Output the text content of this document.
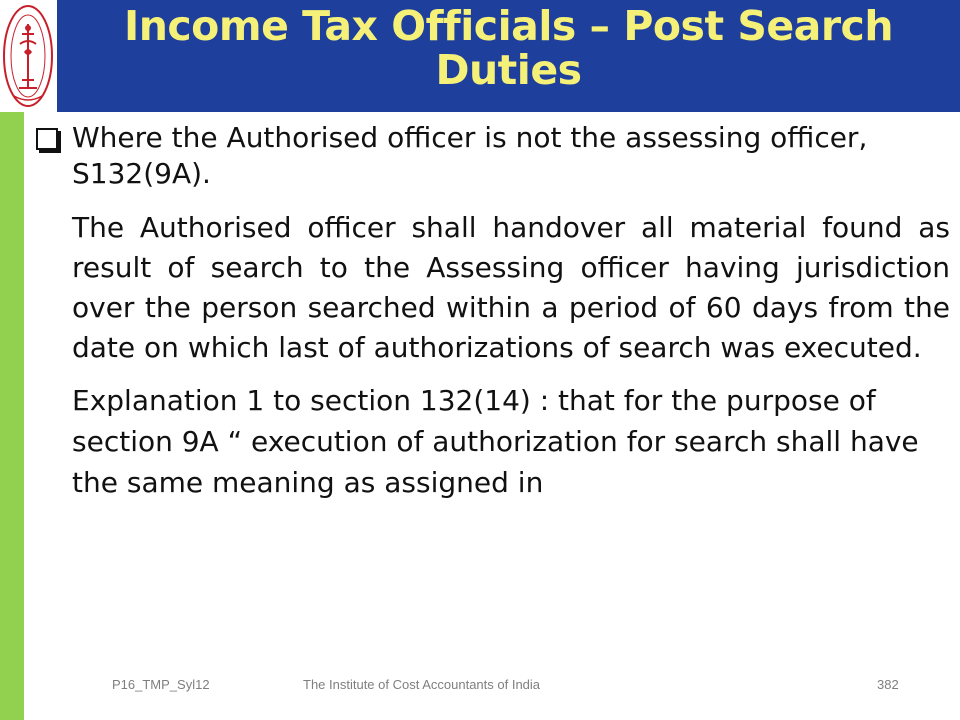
Income Tax Officials – Post Search Duties
Where the Authorised officer is not the assessing officer, S132(9A).
The Authorised officer shall handover all material found as result of search to the Assessing officer having jurisdiction over the person searched within a period of 60 days from the date on which last of authorizations of search was executed.
Explanation 1 to section 132(14) : that for the purpose of section 9A “ execution of authorization for search shall have the same meaning as assigned in
P16_TMP_Syl12	The Institute of Cost Accountants of India	382
